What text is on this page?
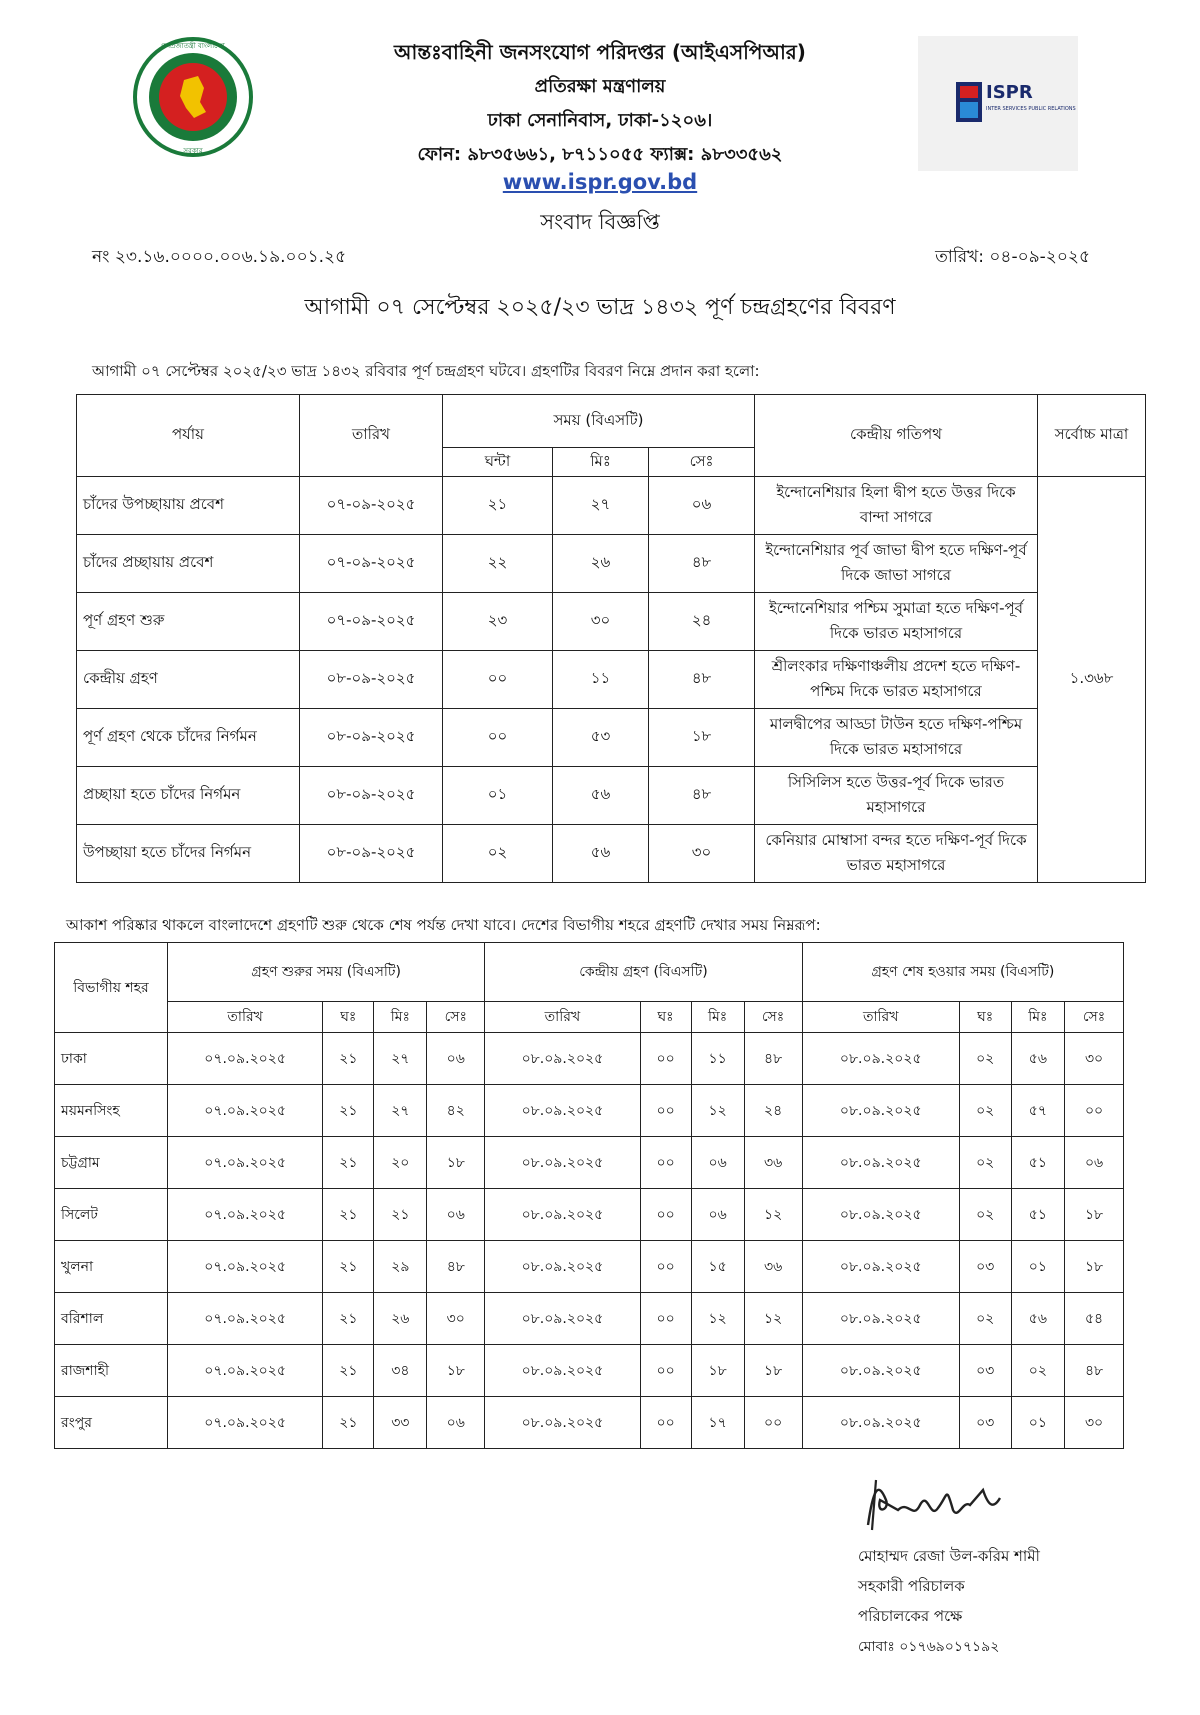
গণপ্রজাতন্ত্রী বাংলাদেশ
সরকার
ISPR
INTER SERVICES PUBLIC RELATIONS
আন্তঃবাহিনী জনসংযোগ পরিদপ্তর (আইএসপিআর)
প্রতিরক্ষা মন্ত্রণালয়
ঢাকা সেনানিবাস, ঢাকা-১২০৬।
ফোন: ৯৮৩৫৬৬১, ৮৭১১০৫৫ ফ্যাক্স: ৯৮৩৩৫৬২
www.ispr.gov.bd
সংবাদ বিজ্ঞপ্তি
নং ২৩.১৬.০০০০.০০৬.১৯.০০১.২৫	তারিখ: ০৪-০৯-২০২৫
আগামী ০৭ সেপ্টেম্বর ২০২৫/২৩ ভাদ্র ১৪৩২ পূর্ণ চন্দ্রগ্রহণের বিবরণ
আগামী ০৭ সেপ্টেম্বর ২০২৫/২৩ ভাদ্র ১৪৩২ রবিবার পূর্ণ চন্দ্রগ্রহণ ঘটবে। গ্রহণটির বিবরণ নিম্নে প্রদান করা হলো:
পর্যায়	তারিখ	সময় (বিএসটি)			কেন্দ্রীয় গতিপথ	সর্বোচ্চ মাত্রা
		ঘন্টা	মিঃ	সেঃ		
চাঁদের উপচ্ছায়ায় প্রবেশ	০৭-০৯-২০২৫	২১	২৭	০৬	ইন্দোনেশিয়ার হিলা দ্বীপ হতে উত্তর দিকে বান্দা সাগরে	১.৩৬৮
চাঁদের প্রচ্ছায়ায় প্রবেশ	০৭-০৯-২০২৫	২২	২৬	৪৮	ইন্দোনেশিয়ার পূর্ব জাভা দ্বীপ হতে দক্ষিণ-পূর্ব দিকে জাভা সাগরে	
পূর্ণ গ্রহণ শুরু	০৭-০৯-২০২৫	২৩	৩০	২৪	ইন্দোনেশিয়ার পশ্চিম সুমাত্রা হতে দক্ষিণ-পূর্ব দিকে ভারত মহাসাগরে	
কেন্দ্রীয় গ্রহণ	০৮-০৯-২০২৫	০০	১১	৪৮	শ্রীলংকার দক্ষিণাঞ্চলীয় প্রদেশ হতে দক্ষিণ-পশ্চিম দিকে ভারত মহাসাগরে	
পূর্ণ গ্রহণ থেকে চাঁদের নির্গমন	০৮-০৯-২০২৫	০০	৫৩	১৮	মালদ্বীপের আড্ডা টাউন হতে দক্ষিণ-পশ্চিম দিকে ভারত মহাসাগরে	
প্রচ্ছায়া হতে চাঁদের নির্গমন	০৮-০৯-২০২৫	০১	৫৬	৪৮	সিসিলিস হতে উত্তর-পূর্ব দিকে ভারত মহাসাগরে	
উপচ্ছায়া হতে চাঁদের নির্গমন	০৮-০৯-২০২৫	০২	৫৬	৩০	কেনিয়ার মোম্বাসা বন্দর হতে দক্ষিণ-পূর্ব দিকে ভারত মহাসাগরে	
আকাশ পরিষ্কার থাকলে বাংলাদেশে গ্রহণটি শুরু থেকে শেষ পর্যন্ত দেখা যাবে। দেশের বিভাগীয় শহরে গ্রহণটি দেখার সময় নিম্নরূপ:
বিভাগীয় শহর	গ্রহণ শুরুর সময় (বিএসটি)				কেন্দ্রীয় গ্রহণ (বিএসটি)				গ্রহণ শেষ হওয়ার সময় (বিএসটি)			
	তারিখ	ঘঃ	মিঃ	সেঃ	তারিখ	ঘঃ	মিঃ	সেঃ	তারিখ	ঘঃ	মিঃ	সেঃ
ঢাকা	০৭.০৯.২০২৫	২১	২৭	০৬	০৮.০৯.২০২৫	০০	১১	৪৮	০৮.০৯.২০২৫	০২	৫৬	৩০
ময়মনসিংহ	০৭.০৯.২০২৫	২১	২৭	৪২	০৮.০৯.২০২৫	০০	১২	২৪	০৮.০৯.২০২৫	০২	৫৭	০০
চট্টগ্রাম	০৭.০৯.২০২৫	২১	২০	১৮	০৮.০৯.২০২৫	০০	০৬	৩৬	০৮.০৯.২০২৫	০২	৫১	০৬
সিলেট	০৭.০৯.২০২৫	২১	২১	০৬	০৮.০৯.২০২৫	০০	০৬	১২	০৮.০৯.২০২৫	০২	৫১	১৮
খুলনা	০৭.০৯.২০২৫	২১	২৯	৪৮	০৮.০৯.২০২৫	০০	১৫	৩৬	০৮.০৯.২০২৫	০৩	০১	১৮
বরিশাল	০৭.০৯.২০২৫	২১	২৬	৩০	০৮.০৯.২০২৫	০০	১২	১২	০৮.০৯.২০২৫	০২	৫৬	৫৪
রাজশাহী	০৭.০৯.২০২৫	২১	৩৪	১৮	০৮.০৯.২০২৫	০০	১৮	১৮	০৮.০৯.২০২৫	০৩	০২	৪৮
রংপুর	০৭.০৯.২০২৫	২১	৩৩	০৬	০৮.০৯.২০২৫	০০	১৭	০০	০৮.০৯.২০২৫	০৩	০১	৩০
মোহাম্মদ রেজা উল-করিম শামী
সহকারী পরিচালক
পরিচালকের পক্ষে
মোবাঃ ০১৭৬৯০১৭১৯২
